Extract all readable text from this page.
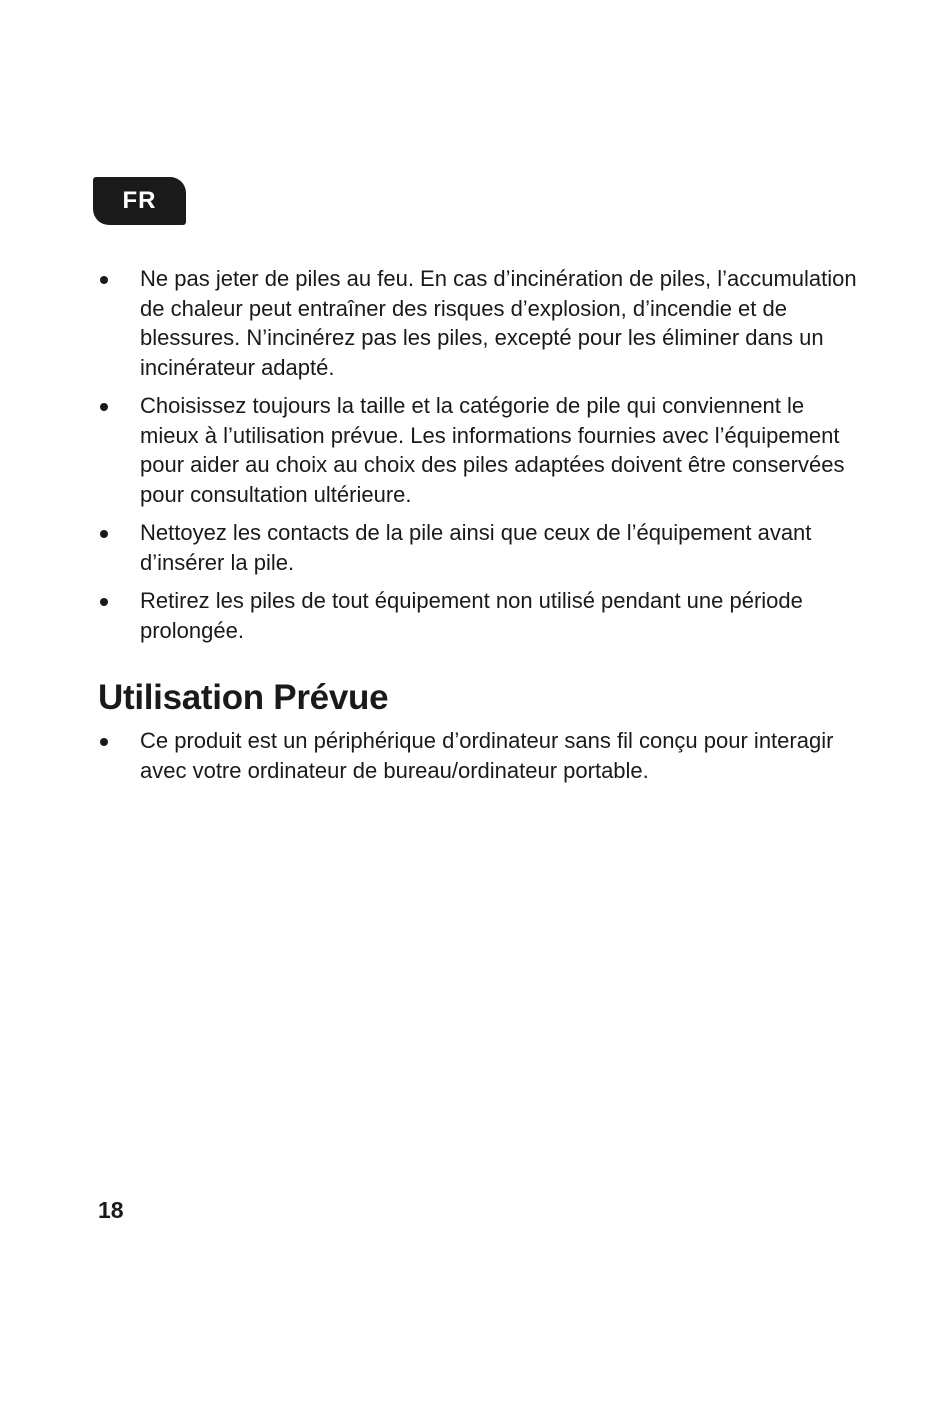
FR
Ne pas jeter de piles au feu. En cas d’incinération de piles, l’accumulation de chaleur peut entraîner des risques d’explosion, d’incendie et de blessures. N’incinérez pas les piles, excepté pour les éliminer dans un incinérateur adapté.
Choisissez toujours la taille et la catégorie de pile qui conviennent le mieux à l’utilisation prévue. Les informations fournies avec l’équipement pour aider au choix au choix des piles adaptées doivent être conservées pour consultation ultérieure.
Nettoyez les contacts de la pile ainsi que ceux de l’équipement avant d’insérer la pile.
Retirez les piles de tout équipement non utilisé pendant une période prolongée.
Utilisation Prévue
Ce produit est un périphérique d’ordinateur sans fil conçu pour interagir avec votre ordinateur de bureau/ordinateur portable.
18
